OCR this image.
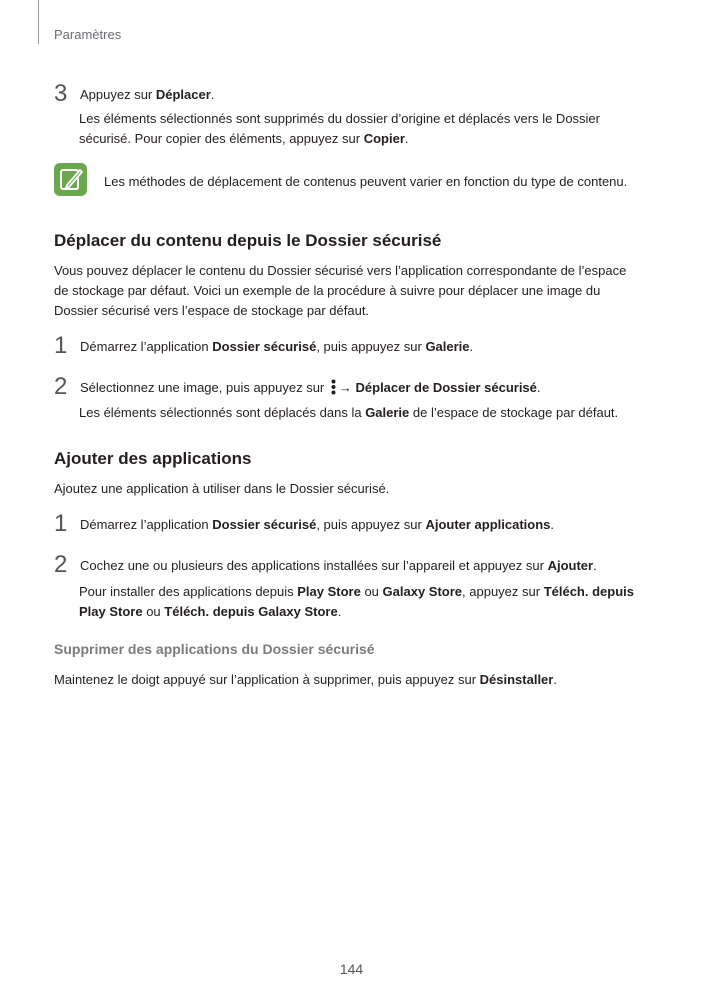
Paramètres
3 Appuyez sur Déplacer.
Les éléments sélectionnés sont supprimés du dossier d’origine et déplacés vers le Dossier
sécurisé. Pour copier des éléments, appuyez sur Copier.
Les méthodes de déplacement de contenus peuvent varier en fonction du type de contenu.
Déplacer du contenu depuis le Dossier sécurisé
Vous pouvez déplacer le contenu du Dossier sécurisé vers l’application correspondante de l’espace
de stockage par défaut. Voici un exemple de la procédure à suivre pour déplacer une image du
Dossier sécurisé vers l’espace de stockage par défaut.
1 Démarrez l’application Dossier sécurisé, puis appuyez sur Galerie.
2 Sélectionnez une image, puis appuyez sur → Déplacer de Dossier sécurisé.
Les éléments sélectionnés sont déplacés dans la Galerie de l’espace de stockage par défaut.
Ajouter des applications
Ajoutez une application à utiliser dans le Dossier sécurisé.
1 Démarrez l’application Dossier sécurisé, puis appuyez sur Ajouter applications.
2 Cochez une ou plusieurs des applications installées sur l’appareil et appuyez sur Ajouter.
Pour installer des applications depuis Play Store ou Galaxy Store, appuyez sur Téléch. depuis
Play Store ou Téléch. depuis Galaxy Store.
Supprimer des applications du Dossier sécurisé
Maintenez le doigt appuyé sur l’application à supprimer, puis appuyez sur Désinstaller.
144
